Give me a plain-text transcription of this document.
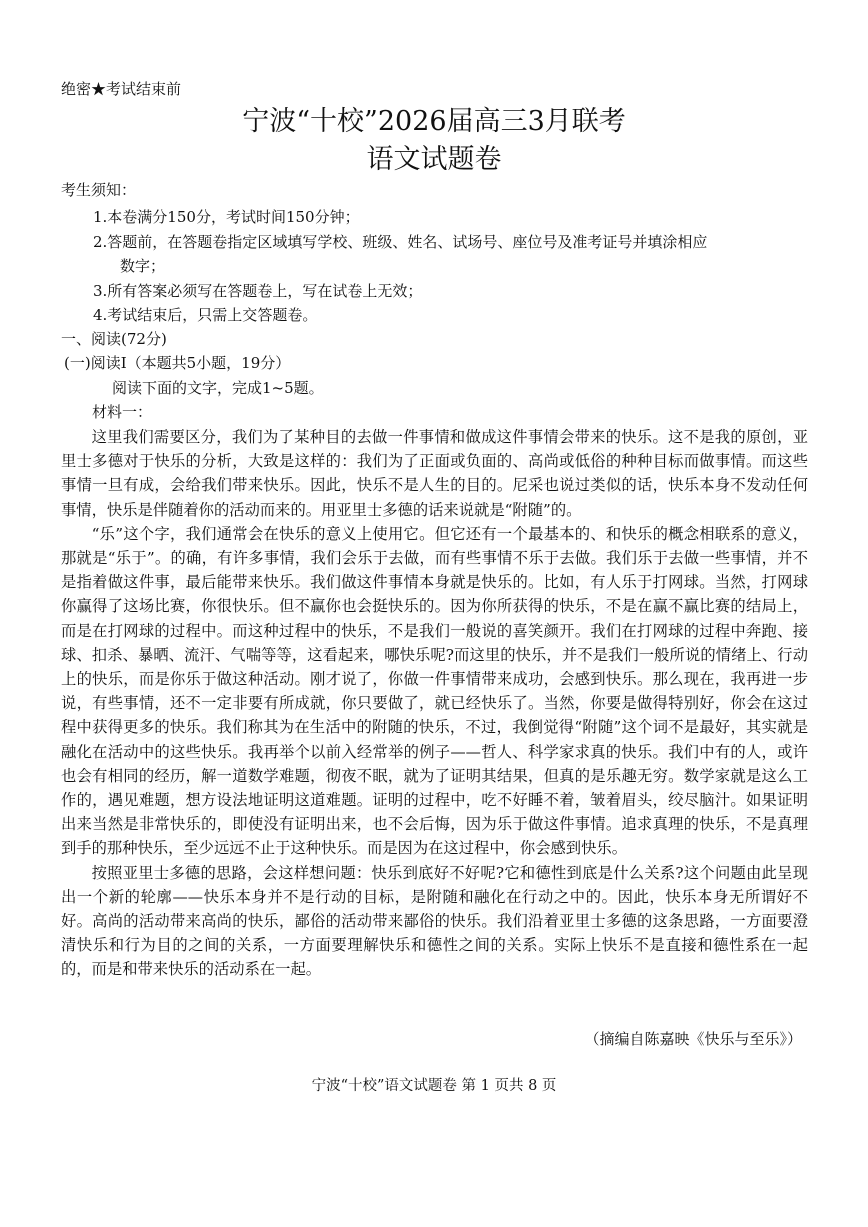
绝密★考试结束前
宁波“十校”2026届高三3月联考
语文试题卷
考生须知：
1.本卷满分150分，考试时间150分钟；
2.答题前，在答题卷指定区域填写学校、班级、姓名、试场号、座位号及准考证号并填涂相应
数字；
3.所有答案必须写在答题卷上，写在试卷上无效；
4.考试结束后，只需上交答题卷。
一、阅读(72分)
(一)阅读Ⅰ（本题共5小题，19分）
阅读下面的文字，完成1~5题。
材料一：

这里我们需要区分，我们为了某种目的去做一件事情和做成这件事情会带来的快乐。这不是我的原创，亚里士多德对于快乐的分析，大致是这样的：我们为了正面或负面的、高尚或低俗的种种目标而做事情。而这些事情一旦有成，会给我们带来快乐。因此，快乐不是人生的目的。尼采也说过类似的话，快乐本身不发动任何事情，快乐是伴随着你的活动而来的。用亚里士多德的话来说就是“附随”的。

“乐”这个字，我们通常会在快乐的意义上使用它。但它还有一个最基本的、和快乐的概念相联系的意义，那就是“乐于”。的确，有许多事情，我们会乐于去做，而有些事情不乐于去做。我们乐于去做一些事情，并不是指着做这件事，最后能带来快乐。我们做这件事情本身就是快乐的。比如，有人乐于打网球。当然，打网球你赢得了这场比赛，你很快乐。但不赢你也会挺快乐的。因为你所获得的快乐，不是在赢不赢比赛的结局上，而是在打网球的过程中。而这种过程中的快乐，不是我们一般说的喜笑颜开。我们在打网球的过程中奔跑、接球、扣杀、暴晒、流汗、气喘等等，这看起来，哪快乐呢?而这里的快乐，并不是我们一般所说的情绪上、行动上的快乐，而是你乐于做这种活动。刚才说了，你做一件事情带来成功，会感到快乐。那么现在，我再进一步说，有些事情，还不一定非要有所成就，你只要做了，就已经快乐了。当然，你要是做得特别好，你会在这过程中获得更多的快乐。我们称其为在生活中的附随的快乐，不过，我倒觉得“附随”这个词不是最好，其实就是融化在活动中的这些快乐。我再举个以前入经常举的例子——哲人、科学家求真的快乐。我们中有的人，或许也会有相同的经历，解一道数学难题，彻夜不眠，就为了证明其结果，但真的是乐趣无穷。数学家就是这么工作的，遇见难题，想方设法地证明这道难题。证明的过程中，吃不好睡不着，皱着眉头，绞尽脑汁。如果证明出来当然是非常快乐的，即使没有证明出来，也不会后悔，因为乐于做这件事情。追求真理的快乐，不是真理到手的那种快乐，至少远远不止于这种快乐。而是因为在这过程中，你会感到快乐。

按照亚里士多德的思路，会这样想问题：快乐到底好不好呢?它和德性到底是什么关系?这个问题由此呈现出一个新的轮廓——快乐本身并不是行动的目标，是附随和融化在行动之中的。因此，快乐本身无所谓好不好。高尚的活动带来高尚的快乐，鄙俗的活动带来鄙俗的快乐。我们沿着亚里士多德的这条思路，一方面要澄清快乐和行为目的之间的关系，一方面要理解快乐和德性之间的关系。实际上快乐不是直接和德性系在一起的，而是和带来快乐的活动系在一起。

（摘编自陈嘉映《快乐与至乐》）
宁波“十校”语文试题卷 第 1 页共 8 页
